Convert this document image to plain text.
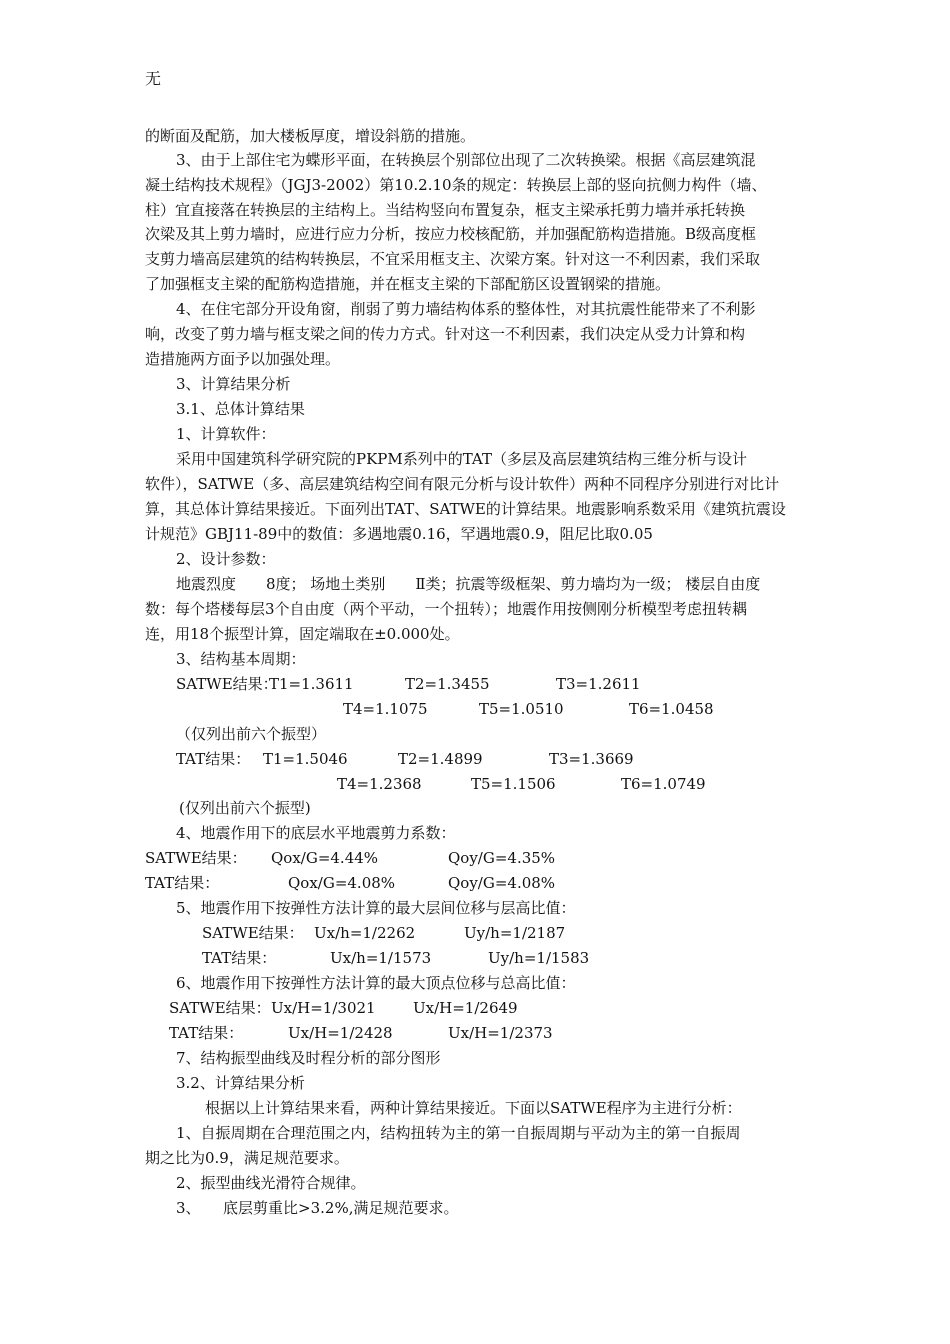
无
的断面及配筋，加大楼板厚度，增设斜筋的措施。
3、由于上部住宅为蝶形平面，在转换层个别部位出现了二次转换梁。根据《高层建筑混
凝土结构技术规程》（JGJ3-2002）第10.2.10条的规定：转换层上部的竖向抗侧力构件（墙、
柱）宜直接落在转换层的主结构上。当结构竖向布置复杂，框支主梁承托剪力墙并承托转换
次梁及其上剪力墙时，应进行应力分析，按应力校核配筋，并加强配筋构造措施。B级高度框
支剪力墙高层建筑的结构转换层，不宜采用框支主、次梁方案。针对这一不利因素，我们采取
了加强框支主梁的配筋构造措施，并在框支主梁的下部配筋区设置钢梁的措施。
4、在住宅部分开设角窗，削弱了剪力墙结构体系的整体性，对其抗震性能带来了不利影
响，改变了剪力墙与框支梁之间的传力方式。针对这一不利因素，我们决定从受力计算和构
造措施两方面予以加强处理。
3、计算结果分析
3.1、总体计算结果
1、计算软件：
采用中国建筑科学研究院的PKPM系列中的TAT（多层及高层建筑结构三维分析与设计
软件），SATWE（多、高层建筑结构空间有限元分析与设计软件）两种不同程序分别进行对比计
算，其总体计算结果接近。下面列出TAT、SATWE的计算结果。地震影响系数采用《建筑抗震设
计规范》GBJ11-89中的数值：多遇地震0.16，罕遇地震0.9，阻尼比取0.05
2、设计参数：
地震烈度　　8度； 场地土类别　　Ⅱ类；抗震等级框架、剪力墙均为一级； 楼层自由度
数：每个塔楼每层3个自由度（两个平动，一个扭转）；地震作用按侧刚分析模型考虑扭转耦
连，用18个振型计算，固定端取在±0.000处。
3、结构基本周期：
SATWE结果：
T1=1.3611	T2=1.3455	T3=1.2611
T4=1.1075	T5=1.0510	T6=1.0458
（仅列出前六个振型）
TAT结果： T1=1.5046	T2=1.4899	T3=1.3669
T4=1.2368	T5=1.1506	T6=1.0749
(仅列出前六个振型)
4、地震作用下的底层水平地震剪力系数：
SATWE结果： Qox/G=4.44%	Qoy/G=4.35%
TAT结果：	Qox/G=4.08%	Qoy/G=4.08%
5、地震作用下按弹性方法计算的最大层间位移与层高比值：
SATWE结果： Ux/h=1/2262	Uy/h=1/2187
TAT结果：	Ux/h=1/1573	Uy/h=1/1583
6、地震作用下按弹性方法计算的最大顶点位移与总高比值：
SATWE结果： Ux/H=1/3021 Ux/H=1/2649
TAT结果：	Ux/H=1/2428	Ux/H=1/2373
7、结构振型曲线及时程分析的部分图形
3.2、计算结果分析
根据以上计算结果来看，两种计算结果接近。下面以SATWE程序为主进行分析：
1、自振周期在合理范围之内，结构扭转为主的第一自振周期与平动为主的第一自振周
期之比为0.9，满足规范要求。
2、振型曲线光滑符合规律。
3、　　底层剪重比>3.2%,满足规范要求。
